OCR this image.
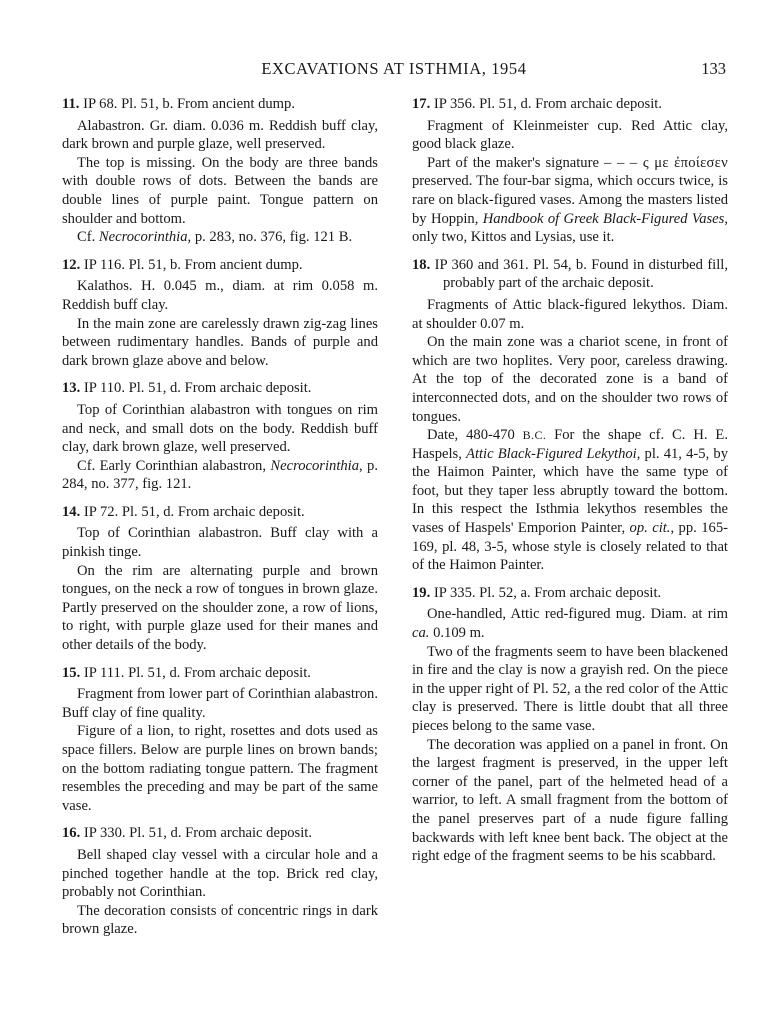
EXCAVATIONS AT ISTHMIA, 1954	133

11. IP 68. Pl. 51, b. From ancient dump.

Alabastron. Gr. diam. 0.036 m. Reddish buff clay, dark brown and purple glaze, well preserved.

The top is missing. On the body are three bands with double rows of dots. Between the bands are double lines of purple paint. Tongue pattern on shoulder and bottom.

Cf. Necrocorinthia, p. 283, no. 376, fig. 121 B.

12. IP 116. Pl. 51, b. From ancient dump.

Kalathos. H. 0.045 m., diam. at rim 0.058 m. Reddish buff clay.

In the main zone are carelessly drawn zig-zag lines between rudimentary handles. Bands of purple and dark brown glaze above and below.

13. IP 110. Pl. 51, d. From archaic deposit.

Top of Corinthian alabastron with tongues on rim and neck, and small dots on the body. Reddish buff clay, dark brown glaze, well preserved.

Cf. Early Corinthian alabastron, Necrocorinthia, p. 284, no. 377, fig. 121.

14. IP 72. Pl. 51, d. From archaic deposit.

Top of Corinthian alabastron. Buff clay with a pinkish tinge.

On the rim are alternating purple and brown tongues, on the neck a row of tongues in brown glaze. Partly preserved on the shoulder zone, a row of lions, to right, with purple glaze used for their manes and other details of the body.

15. IP 111. Pl. 51, d. From archaic deposit.

Fragment from lower part of Corinthian alabastron. Buff clay of fine quality.

Figure of a lion, to right, rosettes and dots used as space fillers. Below are purple lines on brown bands; on the bottom radiating tongue pattern. The fragment resembles the preceding and may be part of the same vase.

16. IP 330. Pl. 51, d. From archaic deposit.

Bell shaped clay vessel with a circular hole and a pinched together handle at the top. Brick red clay, probably not Corinthian.

The decoration consists of concentric rings in dark brown glaze.

17. IP 356. Pl. 51, d. From archaic deposit.

Fragment of Kleinmeister cup. Red Attic clay, good black glaze.

Part of the maker's signature – – – ς με ἐποίεσεν preserved. The four-bar sigma, which occurs twice, is rare on black-figured vases. Among the masters listed by Hoppin, Handbook of Greek Black-Figured Vases, only two, Kittos and Lysias, use it.

18. IP 360 and 361. Pl. 54, b. Found in disturbed fill, probably part of the archaic deposit.

Fragments of Attic black-figured lekythos. Diam. at shoulder 0.07 m.

On the main zone was a chariot scene, in front of which are two hoplites. Very poor, careless drawing. At the top of the decorated zone is a band of interconnected dots, and on the shoulder two rows of tongues.

Date, 480-470 B.C. For the shape cf. C. H. E. Haspels, Attic Black-Figured Lekythoi, pl. 41, 4-5, by the Haimon Painter, which have the same type of foot, but they taper less abruptly toward the bottom. In this respect the Isthmia lekythos resembles the vases of Haspels' Emporion Painter, op. cit., pp. 165-169, pl. 48, 3-5, whose style is closely related to that of the Haimon Painter.

19. IP 335. Pl. 52, a. From archaic deposit.

One-handled, Attic red-figured mug. Diam. at rim ca. 0.109 m.

Two of the fragments seem to have been blackened in fire and the clay is now a grayish red. On the piece in the upper right of Pl. 52, a the red color of the Attic clay is preserved. There is little doubt that all three pieces belong to the same vase.

The decoration was applied on a panel in front. On the largest fragment is preserved, in the upper left corner of the panel, part of the helmeted head of a warrior, to left. A small fragment from the bottom of the panel preserves part of a nude figure falling backwards with left knee bent back. The object at the right edge of the fragment seems to be his scabbard.
